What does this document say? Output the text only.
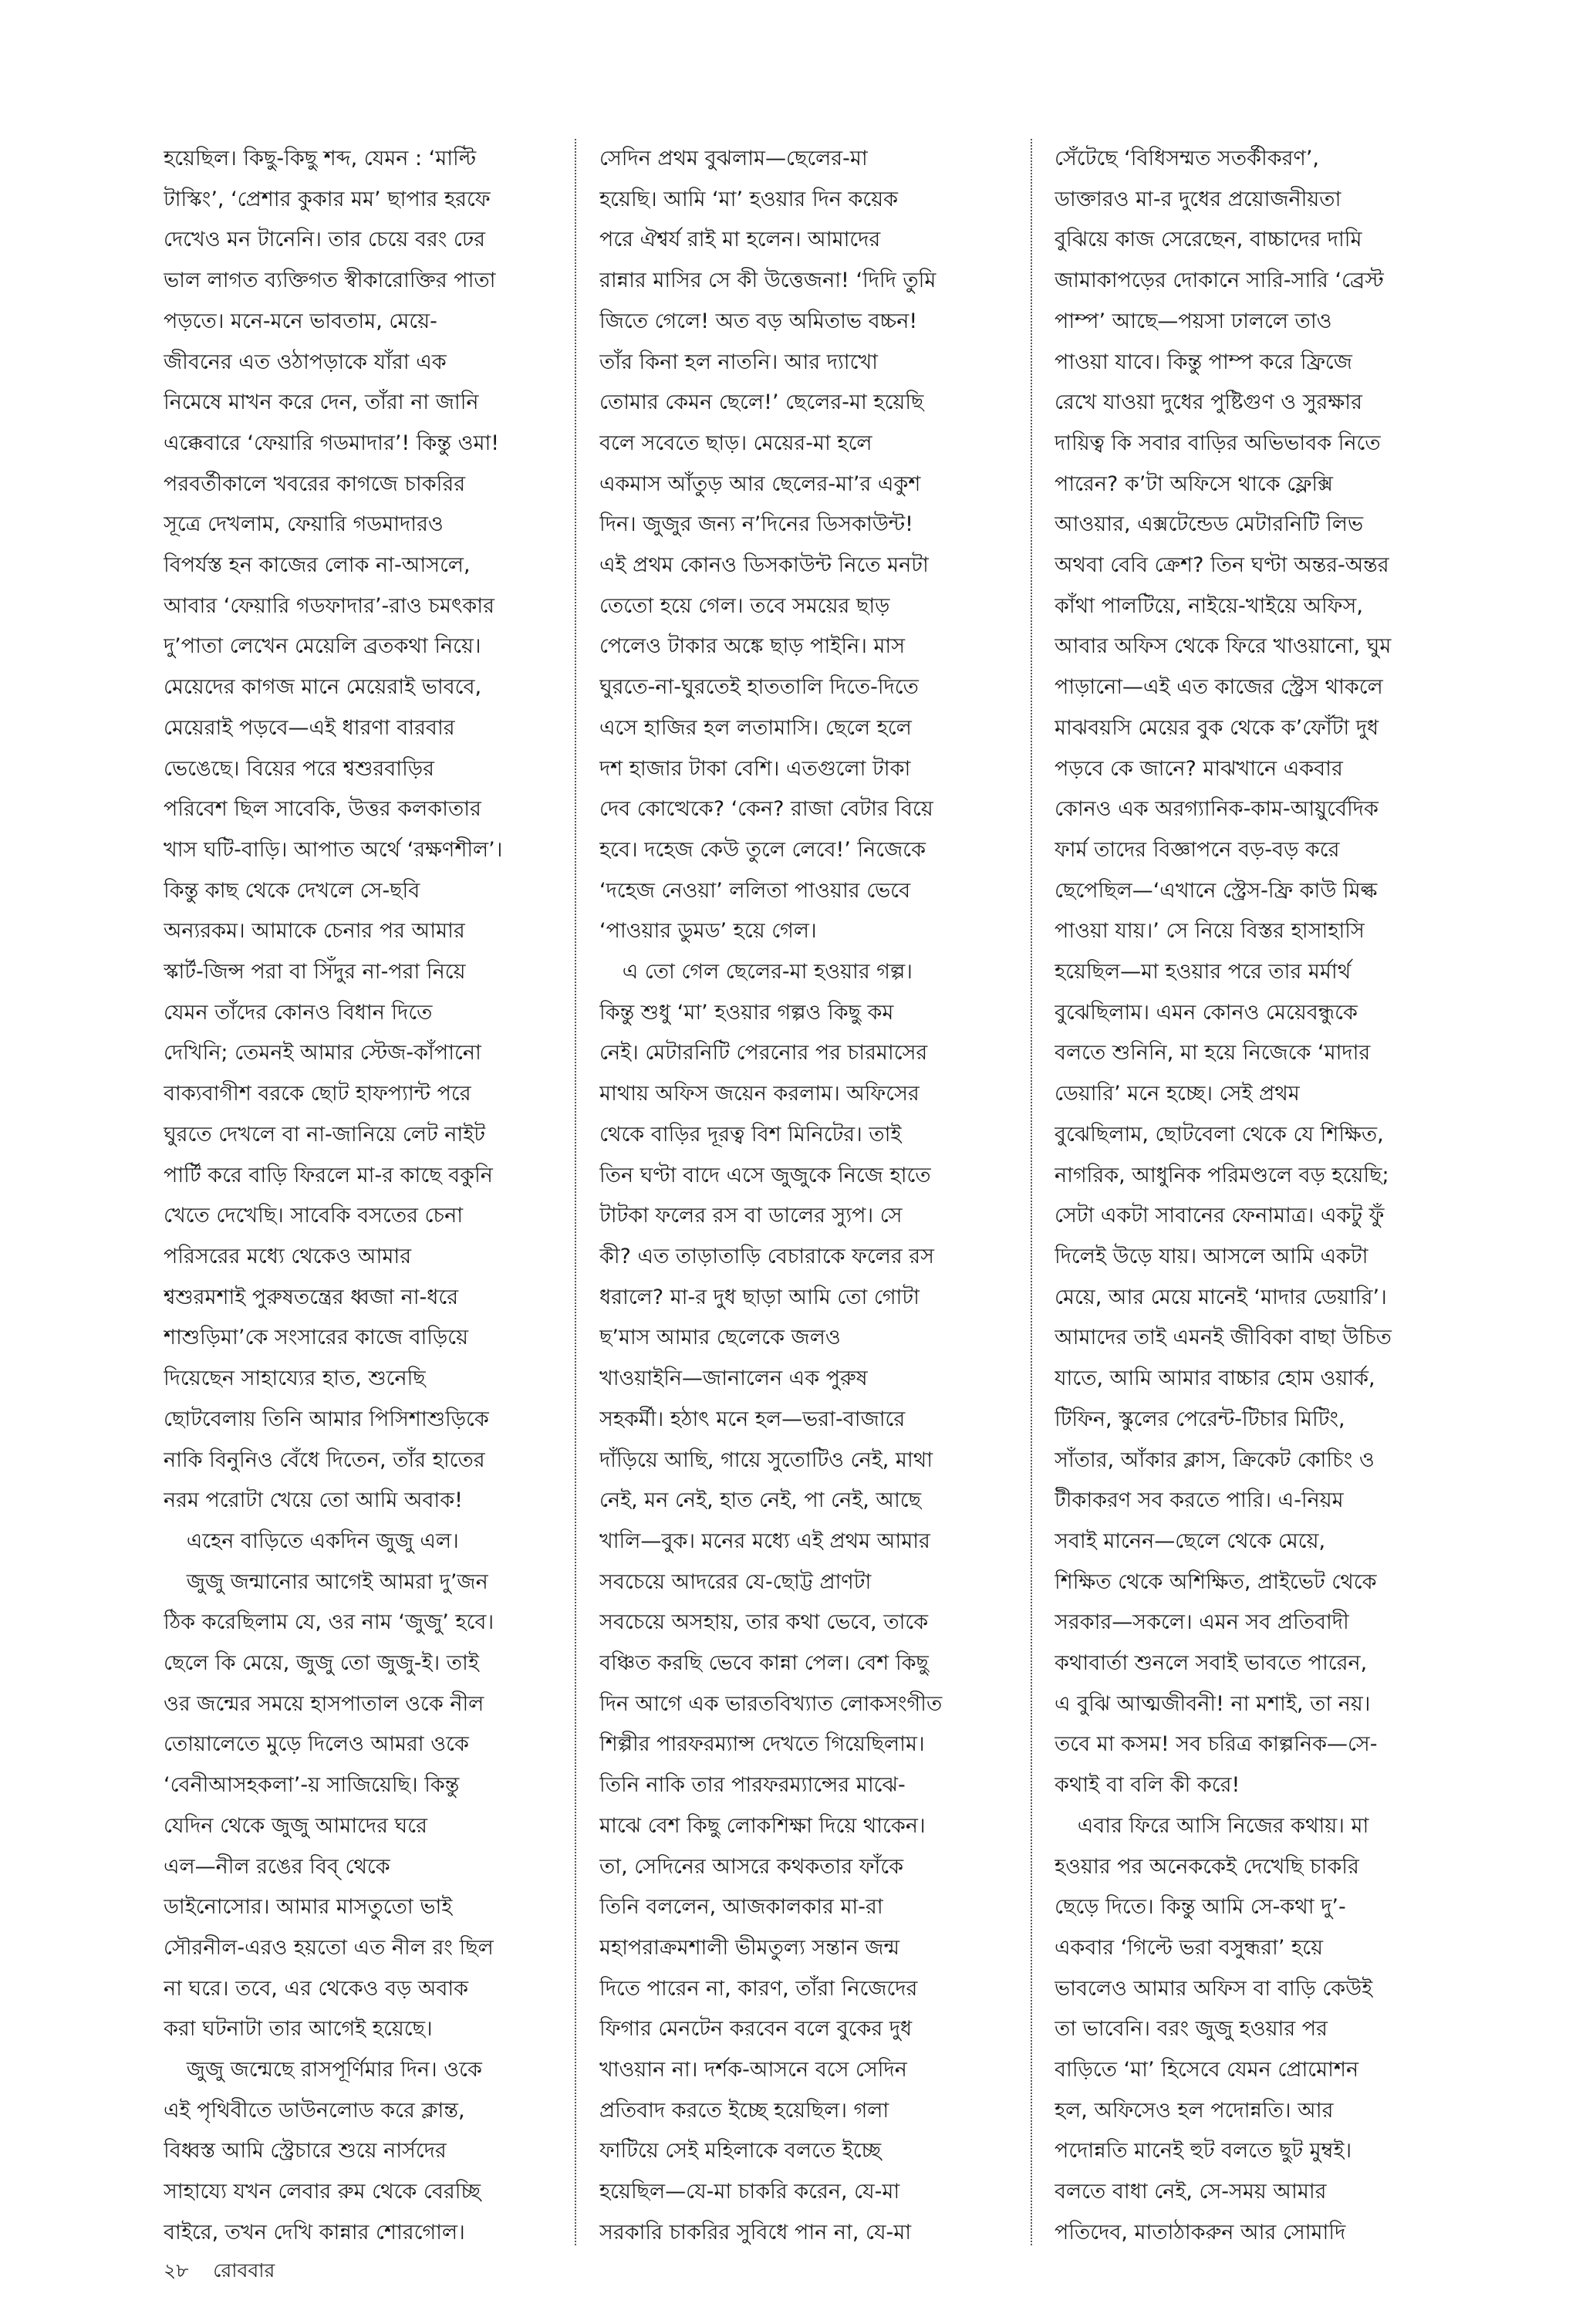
হয়েছিল। কিছু-কিছু শব্দ, যেমন : ‘মাল্টি
টাস্কিং’, ‘প্রেশার কুকার মম’ ছাপার হরফে
দেখেও মন টানেনি। তার চেয়ে বরং ঢের
ভাল লাগত ব্যক্তিগত স্বীকারোক্তির পাতা
পড়তে। মনে-মনে ভাবতাম, মেয়ে-
জীবনের এত ওঠাপড়াকে যাঁরা এক
নিমেষে মাখন করে দেন, তাঁরা না জানি
এক্কেবারে ‘ফেয়ারি গডমাদার’! কিন্তু ওমা!
পরবর্তীকালে খবরের কাগজে চাকরির
সূত্রে দেখলাম, ফেয়ারি গডমাদারও
বিপর্যস্ত হন কাজের লোক না-আসলে,
আবার ‘ফেয়ারি গডফাদার’-রাও চমৎকার
দু’পাতা লেখেন মেয়েলি ব্রতকথা নিয়ে।
মেয়েদের কাগজ মানে মেয়েরাই ভাববে,
মেয়েরাই পড়বে—এই ধারণা বারবার
ভেঙেছে। বিয়ের পরে শ্বশুরবাড়ির
পরিবেশ ছিল সাবেকি, উত্তর কলকাতার
খাস ঘটি-বাড়ি। আপাত অর্থে ‘রক্ষণশীল’।
কিন্তু কাছ থেকে দেখলে সে-ছবি
অন্যরকম। আমাকে চেনার পর আমার
স্কার্ট-জিন্স পরা বা সিঁদুর না-পরা নিয়ে
যেমন তাঁদের কোনও বিধান দিতে
দেখিনি; তেমনই আমার স্টেজ-কাঁপানো
বাক্যবাগীশ বরকে ছোট হাফপ্যান্ট পরে
ঘুরতে দেখলে বা না-জানিয়ে লেট নাইট
পার্টি করে বাড়ি ফিরলে মা-র কাছে বকুনি
খেতে দেখেছি। সাবেকি বসতের চেনা
পরিসরের মধ্যে থেকেও আমার
শ্বশুরমশাই পুরুষতন্ত্রের ধ্বজা না-ধরে
শাশুড়িমা’কে সংসারের কাজে বাড়িয়ে
দিয়েছেন সাহায্যের হাত, শুনেছি
ছোটবেলায় তিনি আমার পিসিশাশুড়িকে
নাকি বিনুনিও বেঁধে দিতেন, তাঁর হাতের
নরম পরোটা খেয়ে তো আমি অবাক!

এহেন বাড়িতে একদিন জুজু এল।

জুজু জন্মানোর আগেই আমরা দু’জন
ঠিক করেছিলাম যে, ওর নাম ‘জুজু’ হবে।
ছেলে কি মেয়ে, জুজু তো জুজু-ই। তাই
ওর জন্মের সময়ে হাসপাতাল ওকে নীল
তোয়ালেতে মুড়ে দিলেও আমরা ওকে
‘বেনীআসহকলা’-য় সাজিয়েছি। কিন্তু
যেদিন থেকে জুজু আমাদের ঘরে
এল—নীল রঙের বিব্‌ থেকে
ডাইনোসোর। আমার মাসতুতো ভাই
সৌরনীল-এরও হয়তো এত নীল রং ছিল
না ঘরে। তবে, এর থেকেও বড় অবাক
করা ঘটনাটা তার আগেই হয়েছে।

জুজু জন্মেছে রাসপূর্ণিমার দিন। ওকে
এই পৃথিবীতে ডাউনলোড করে ক্লান্ত,
বিধ্বস্ত আমি স্ট্রেচারে শুয়ে নার্সদের
সাহায্যে যখন লেবার রুম থেকে বেরচ্ছি
বাইরে, তখন দেখি কান্নার শোরগোল।

সেদিন প্রথম বুঝলাম—ছেলের-মা
হয়েছি। আমি ‘মা’ হওয়ার দিন কয়েক
পরে ঐশ্বর্য রাই মা হলেন। আমাদের
রান্নার মাসির সে কী উত্তেজনা! ‘দিদি তুমি
জিতে গেলে! অত বড় অমিতাভ বচ্চন!
তাঁর কিনা হল নাতনি। আর দ্যাখো
তোমার কেমন ছেলে!’ ছেলের-মা হয়েছি
বলে সবেতে ছাড়। মেয়ের-মা হলে
একমাস আঁতুড় আর ছেলের-মা’র একুশ
দিন। জুজুর জন্য ন’দিনের ডিসকাউন্ট!
এই প্রথম কোনও ডিসকাউন্ট নিতে মনটা
তেতো হয়ে গেল। তবে সময়ের ছাড়
পেলেও টাকার অঙ্কে ছাড় পাইনি। মাস
ঘুরতে-না-ঘুরতেই হাততালি দিতে-দিতে
এসে হাজির হল লতামাসি। ছেলে হলে
দশ হাজার টাকা বেশি। এতগুলো টাকা
দেব কোত্থেকে? ‘কেন? রাজা বেটার বিয়ে
হবে। দহেজ কেউ তুলে লেবে!’ নিজেকে
‘দহেজ নেওয়া’ ললিতা পাওয়ার ভেবে
‘পাওয়ার ডুমড’ হয়ে গেল।

এ তো গেল ছেলের-মা হওয়ার গল্প।
কিন্তু শুধু ‘মা’ হওয়ার গল্পও কিছু কম
নেই। মেটারনিটি পেরনোর পর চারমাসের
মাথায় অফিস জয়েন করলাম। অফিসের
থেকে বাড়ির দূরত্ব বিশ মিনিটের। তাই
তিন ঘণ্টা বাদে এসে জুজুকে নিজে হাতে
টাটকা ফলের রস বা ডালের স্যুপ। সে
কী? এত তাড়াতাড়ি বেচারাকে ফলের রস
ধরালে? মা-র দুধ ছাড়া আমি তো গোটা
ছ’মাস আমার ছেলেকে জলও
খাওয়াইনি—জানালেন এক পুরুষ
সহকর্মী। হঠাৎ মনে হল—ভরা-বাজারে
দাঁড়িয়ে আছি, গায়ে সুতোটিও নেই, মাথা
নেই, মন নেই, হাত নেই, পা নেই, আছে
খালি—বুক। মনের মধ্যে এই প্রথম আমার
সবচেয়ে আদরের যে-ছোট্ট প্রাণটা
সবচেয়ে অসহায়, তার কথা ভেবে, তাকে
বঞ্চিত করছি ভেবে কান্না পেল। বেশ কিছু
দিন আগে এক ভারতবিখ্যাত লোকসংগীত
শিল্পীর পারফরম্যান্স দেখতে গিয়েছিলাম।
তিনি নাকি তার পারফরম্যান্সের মাঝে-
মাঝে বেশ কিছু লোকশিক্ষা দিয়ে থাকেন।
তা, সেদিনের আসরে কথকতার ফাঁকে
তিনি বললেন, আজকালকার মা-রা
মহাপরাক্রমশালী ভীমতুল্য সন্তান জন্ম
দিতে পারেন না, কারণ, তাঁরা নিজেদের
ফিগার মেনটেন করবেন বলে বুকের দুধ
খাওয়ান না। দর্শক-আসনে বসে সেদিন
প্রতিবাদ করতে ইচ্ছে হয়েছিল। গলা
ফাটিয়ে সেই মহিলাকে বলতে ইচ্ছে
হয়েছিল—যে-মা চাকরি করেন, যে-মা
সরকারি চাকরির সুবিধে পান না, যে-মা

সেঁটেছে ‘বিধিসম্মত সতর্কীকরণ’,
ডাক্তারও মা-র দুধের প্রয়োজনীয়তা
বুঝিয়ে কাজ সেরেছেন, বাচ্চাদের দামি
জামাকাপড়ের দোকানে সারি-সারি ‘ব্রেস্ট
পাম্প’ আছে—পয়সা ঢাললে তাও
পাওয়া যাবে। কিন্তু পাম্প করে ফ্রিজে
রেখে যাওয়া দুধের পুষ্টিগুণ ও সুরক্ষার
দায়িত্ব কি সবার বাড়ির অভিভাবক নিতে
পারেন? ক’টা অফিসে থাকে ফ্লেক্সি
আওয়ার, এক্সটেন্ডেড মেটারনিটি লিভ
অথবা বেবি ক্রেশ? তিন ঘণ্টা অন্তর-অন্তর
কাঁথা পালটিয়ে, নাইয়ে-খাইয়ে অফিস,
আবার অফিস থেকে ফিরে খাওয়ানো, ঘুম
পাড়ানো—এই এত কাজের স্ট্রেস থাকলে
মাঝবয়সি মেয়ের বুক থেকে ক’ফোঁটা দুধ
পড়বে কে জানে? মাঝখানে একবার
কোনও এক অরগ্যানিক-কাম-আয়ুর্বেদিক
ফার্ম তাদের বিজ্ঞাপনে বড়-বড় করে
ছেপেছিল—‘এখানে স্ট্রেস-ফ্রি কাউ মিল্ক
পাওয়া যায়।’ সে নিয়ে বিস্তর হাসাহাসি
হয়েছিল—মা হওয়ার পরে তার মর্মার্থ
বুঝেছিলাম। এমন কোনও মেয়েবন্ধুকে
বলতে শুনিনি, মা হয়ে নিজেকে ‘মাদার
ডেয়ারি’ মনে হচ্ছে। সেই প্রথম
বুঝেছিলাম, ছোটবেলা থেকে যে শিক্ষিত,
নাগরিক, আধুনিক পরিমণ্ডলে বড় হয়েছি;
সেটা একটা সাবানের ফেনামাত্র। একটু ফুঁ
দিলেই উড়ে যায়। আসলে আমি একটা
মেয়ে, আর মেয়ে মানেই ‘মাদার ডেয়ারি’।
আমাদের তাই এমনই জীবিকা বাছা উচিত
যাতে, আমি আমার বাচ্চার হোম ওয়ার্ক,
টিফিন, স্কুলের পেরেন্ট-টিচার মিটিং,
সাঁতার, আঁকার ক্লাস, ক্রিকেট কোচিং ও
টীকাকরণ সব করতে পারি। এ-নিয়ম
সবাই মানেন—ছেলে থেকে মেয়ে,
শিক্ষিত থেকে অশিক্ষিত, প্রাইভেট থেকে
সরকার—সকলে। এমন সব প্রতিবাদী
কথাবার্তা শুনলে সবাই ভাবতে পারেন,
এ বুঝি আত্মজীবনী! না মশাই, তা নয়।
তবে মা কসম! সব চরিত্র কাল্পনিক—সে-
কথাই বা বলি কী করে!

এবার ফিরে আসি নিজের কথায়। মা
হওয়ার পর অনেককেই দেখেছি চাকরি
ছেড়ে দিতে। কিন্তু আমি সে-কথা দু’-
একবার ‘গিল্টে ভরা বসুন্ধরা’ হয়ে
ভাবলেও আমার অফিস বা বাড়ি কেউই
তা ভাবেনি। বরং জুজু হওয়ার পর
বাড়িতে ‘মা’ হিসেবে যেমন প্রোমোশন
হল, অফিসেও হল পদোন্নতি। আর
পদোন্নতি মানেই হুট বলতে ছুট মুম্বই।
বলতে বাধা নেই, সে-সময় আমার
পতিদেব, মাতাঠাকরুন আর সোমাদি

২৮ রোববার
